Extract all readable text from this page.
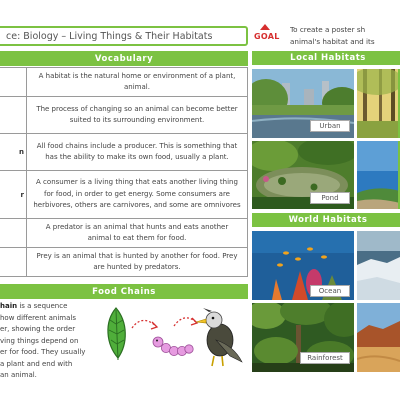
ce: Biology – Living Things & Their Habitats	GOAL
To create a poster sh
animal's habitat and its
Vocabulary
	A habitat is the natural home or environment of a plant, animal.
	The process of changing so an animal can become better suited to its surrounding environment.
n	All food chains include a producer. This is something that has the ability to make its own food, usually a plant.
r	A consumer is a living thing that eats another living thing for food, in order to get energy. Some consumers are herbivores, others are carnivores, and some are omnivores
	A predator is an animal that hunts and eats another animal to eat them for food.
	Prey is an animal that is hunted by another for food. Prey are hunted by predators.
Food Chains
hain is a sequence
how different animals
er, showing the order
ving things depend on
er for food. They usually
a plant and end with
an animal.
Local Habitats
Urban
Pond
World Habitats
Ocean
Rainforest
